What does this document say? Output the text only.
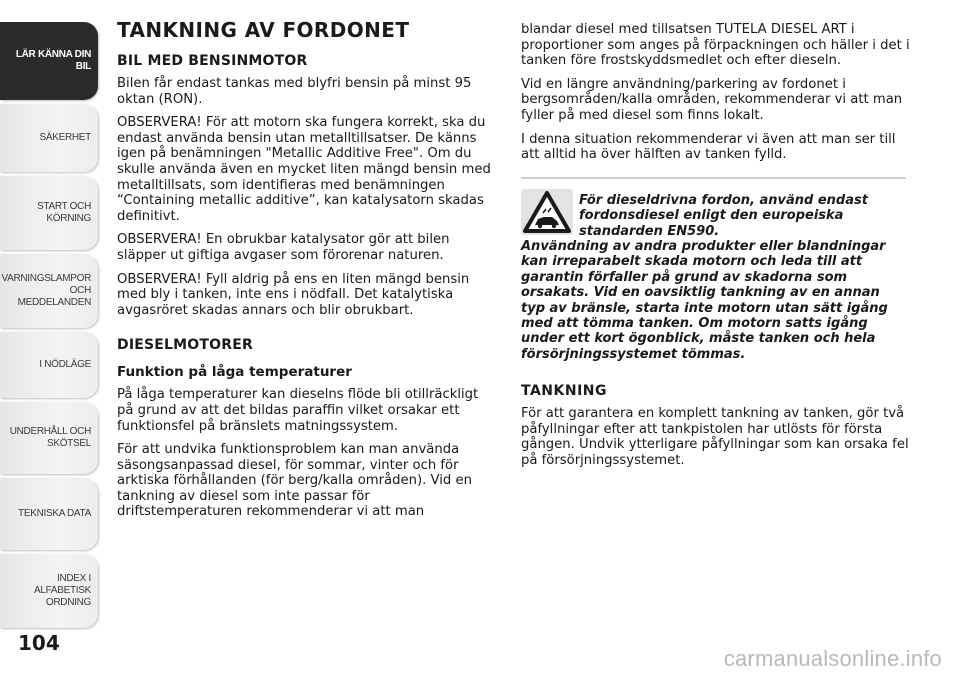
LÄR KÄNNA DIN
BIL
SÄKERHET
START OCH
KÖRNING
VARNINGSLAMPOR
OCH
MEDDELANDEN
I NÖDLÄGE
UNDERHÅLL OCH
SKÖTSEL
TEKNISKA DATA
INDEX I ALFABETISK
ORDNING
104
TANKNING AV FORDONET
BIL MED BENSINMOTOR

Bilen får endast tankas med blyfri bensin på minst 95 oktan (RON).

OBSERVERA! För att motorn ska fungera korrekt, ska du endast använda bensin utan metalltillsatser. De känns igen på benämningen "Metallic Additive Free". Om du skulle använda även en mycket liten mängd bensin med metalltillsats, som identifieras med benämningen “Containing metallic additive”, kan katalysatorn skadas definitivt.

OBSERVERA! En obrukbar katalysator gör att bilen släpper ut giftiga avgaser som förorenar naturen.

OBSERVERA! Fyll aldrig på ens en liten mängd bensin med bly i tanken, inte ens i nödfall. Det katalytiska avgasröret skadas annars och blir obrukbart.

DIESELMOTORER
Funktion på låga temperaturer

På låga temperaturer kan dieselns flöde bli otillräckligt på grund av att det bildas paraffin vilket orsakar ett funktionsfel på bränslets matningssystem.

För att undvika funktionsproblem kan man använda säsongsanpassad diesel, för sommar, vinter och för arktiska förhållanden (för berg/kalla områden). Vid en tankning av diesel som inte passar för driftstemperaturen rekommenderar vi att man

blandar diesel med tillsatsen TUTELA DIESEL ART i proportioner som anges på förpackningen och häller i det i tanken före frostskyddsmedlet och efter dieseln.

Vid en längre användning/parkering av fordonet i bergsområden/kalla områden, rekommenderar vi att man fyller på med diesel som finns lokalt.

I denna situation rekommenderar vi även att man ser till att alltid ha över hälften av tanken fylld.

För dieseldrivna fordon, använd endast fordonsdiesel enligt den europeiska standarden EN590.
Användning av andra produkter eller blandningar kan irreparabelt skada motorn och leda till att garantin förfaller på grund av skadorna som orsakats. Vid en oavsiktlig tankning av en annan typ av bränsle, starta inte motorn utan sätt igång med att tömma tanken. Om motorn satts igång under ett kort ögonblick, måste tanken och hela försörjningssystemet tömmas.

TANKNING

För att garantera en komplett tankning av tanken, gör två påfyllningar efter att tankpistolen har utlösts för första gången. Undvik ytterligare påfyllningar som kan orsaka fel på försörjningssystemet.

carmanualsonline.info
